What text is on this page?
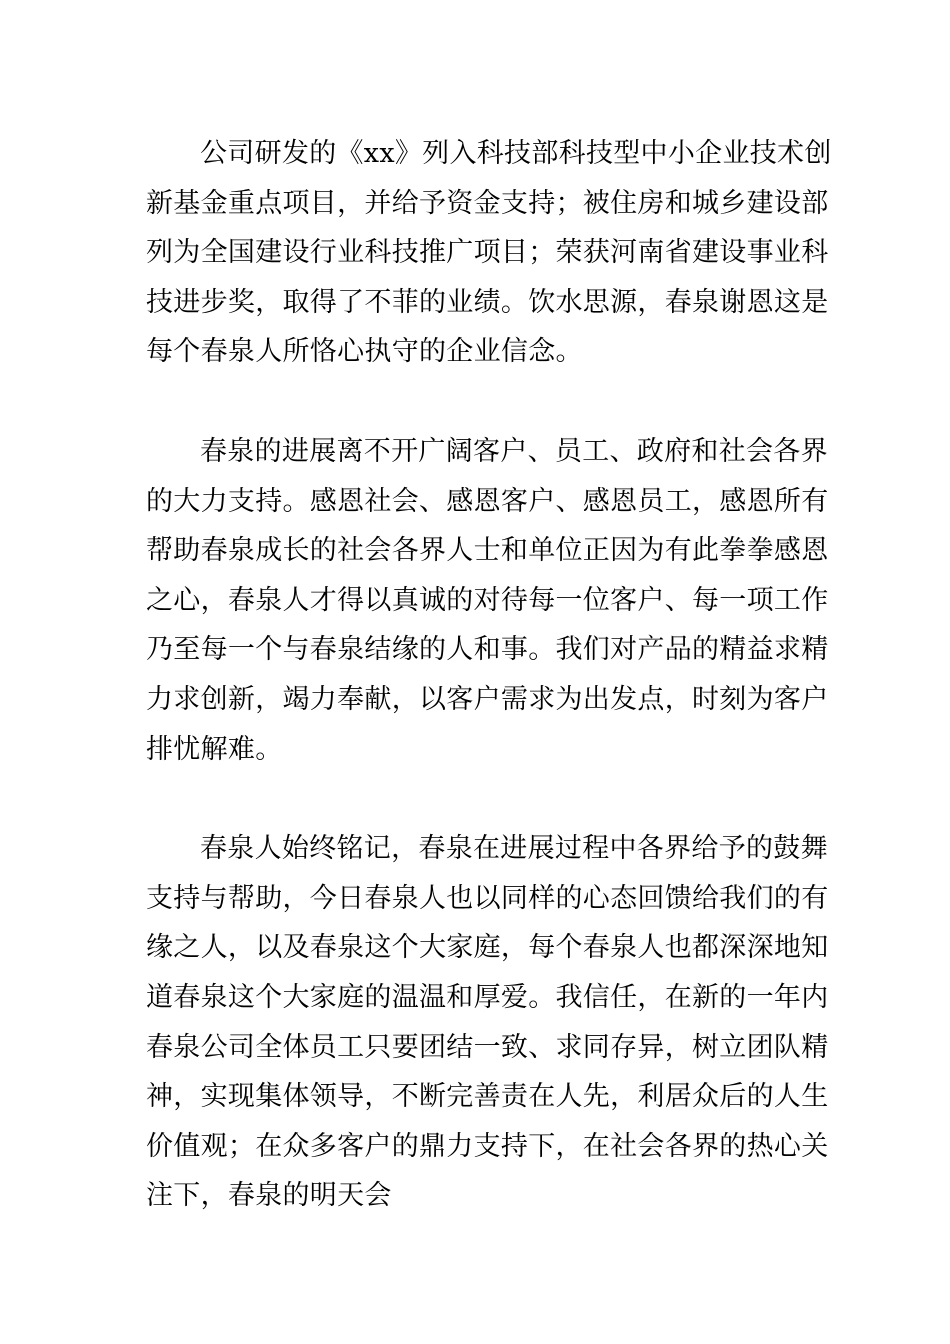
公司研发的《xx》列入科技部科技型中小企业技术创
新基金重点项目，并给予资金支持；被住房和城乡建设部
列为全国建设行业科技推广项目；荣获河南省建设事业科
技进步奖，取得了不菲的业绩。饮水思源，春泉谢恩这是
每个春泉人所恪心执守的企业信念。

春泉的进展离不开广阔客户、员工、政府和社会各界
的大力支持。感恩社会、感恩客户、感恩员工，感恩所有
帮助春泉成长的社会各界人士和单位正因为有此拳拳感恩
之心，春泉人才得以真诚的对待每一位客户、每一项工作
乃至每一个与春泉结缘的人和事。我们对产品的精益求精
力求创新，竭力奉献，以客户需求为出发点，时刻为客户
排忧解难。

春泉人始终铭记，春泉在进展过程中各界给予的鼓舞
支持与帮助，今日春泉人也以同样的心态回馈给我们的有
缘之人，以及春泉这个大家庭，每个春泉人也都深深地知
道春泉这个大家庭的温温和厚爱。我信任，在新的一年内
春泉公司全体员工只要团结一致、求同存异，树立团队精
神，实现集体领导，不断完善责在人先，利居众后的人生
价值观；在众多客户的鼎力支持下，在社会各界的热心关
注下，春泉的明天会
